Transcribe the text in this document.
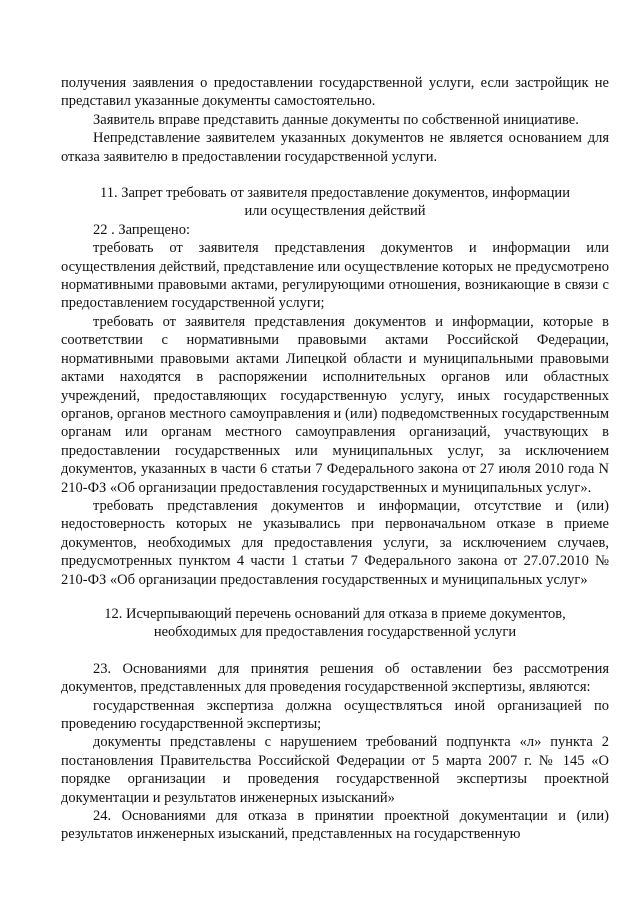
получения заявления о предоставлении государственной услуги, если застройщик не представил указанные документы самостоятельно.

Заявитель вправе представить данные документы по собственной инициативе.

Непредставление заявителем указанных документов не является основанием для отказа заявителю в предоставлении государственной услуги.

11. Запрет требовать от заявителя предоставление документов, информации

или осуществления действий

22 . Запрещено:

требовать от заявителя представления документов и информации или осуществления действий, представление или осуществление которых не предусмотрено нормативными правовыми актами, регулирующими отношения, возникающие в связи с предоставлением государственной услуги;

требовать от заявителя представления документов и информации, которые в соответствии с нормативными правовыми актами Российской Федерации, нормативными правовыми актами Липецкой области и муниципальными правовыми актами находятся в распоряжении исполнительных органов или областных учреждений, предоставляющих государственную услугу, иных государственных органов, органов местного самоуправления и (или) подведомственных государственным органам или органам местного самоуправления организаций, участвующих в предоставлении государственных или муниципальных услуг, за исключением документов, указанных в части 6 статьи 7 Федерального закона от 27 июля 2010 года N 210-ФЗ «Об организации предоставления государственных и муниципальных услуг».

требовать представления документов и информации, отсутствие и (или) недостоверность которых не указывались при первоначальном отказе в приеме документов, необходимых для предоставления услуги, за исключением случаев, предусмотренных пунктом 4 части 1 статьи 7 Федерального закона от 27.07.2010 № 210-ФЗ «Об организации предоставления государственных и муниципальных услуг»

12. Исчерпывающий перечень оснований для отказа в приеме документов,

необходимых для предоставления государственной услуги

23. Основаниями для принятия решения об оставлении без рассмотрения документов, представленных для проведения государственной экспертизы, являются:

государственная экспертиза должна осуществляться иной организацией по проведению государственной экспертизы;

документы представлены с нарушением требований подпункта «л» пункта 2 постановления Правительства Российской Федерации от 5 марта 2007 г. № 145 «О порядке организации и проведения государственной экспертизы проектной документации и результатов инженерных изысканий»

24. Основаниями для отказа в принятии проектной документации и (или) результатов инженерных изысканий, представленных на государственную
